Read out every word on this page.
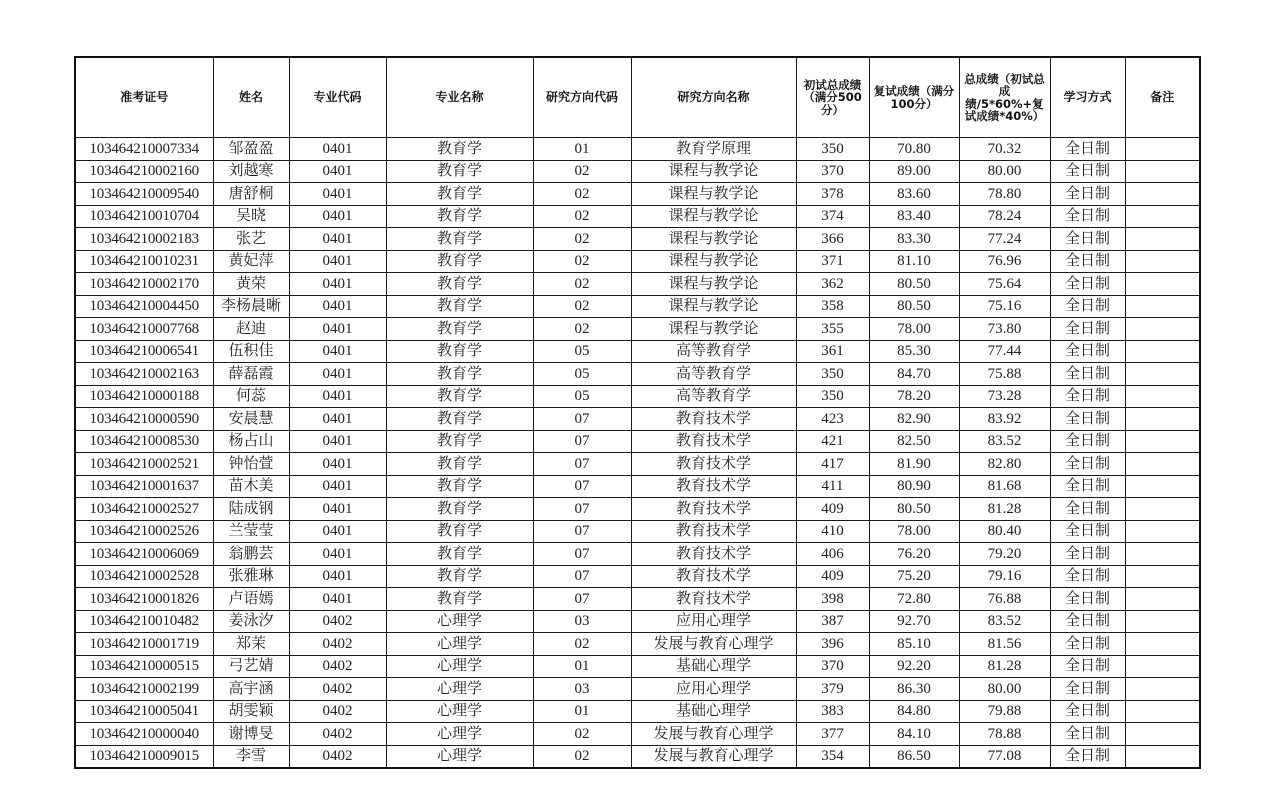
准考证号	姓名	专业代码	专业名称	研究方向代码	研究方向名称	初试总成绩（满分500分）	复试成绩（满分100分）	总成绩（初试总成绩/5*60%+复试成绩*40%）	学习方式	备注
103464210007334	邹盈盈	0401	教育学	01	教育学原理	350	70.80	70.32	全日制	
103464210002160	刘越寒	0401	教育学	02	课程与教学论	370	89.00	80.00	全日制	
103464210009540	唐舒桐	0401	教育学	02	课程与教学论	378	83.60	78.80	全日制	
103464210010704	吴晓	0401	教育学	02	课程与教学论	374	83.40	78.24	全日制	
103464210002183	张艺	0401	教育学	02	课程与教学论	366	83.30	77.24	全日制	
103464210010231	黄妃萍	0401	教育学	02	课程与教学论	371	81.10	76.96	全日制	
103464210002170	黄荣	0401	教育学	02	课程与教学论	362	80.50	75.64	全日制	
103464210004450	李杨晨晰	0401	教育学	02	课程与教学论	358	80.50	75.16	全日制	
103464210007768	赵迪	0401	教育学	02	课程与教学论	355	78.00	73.80	全日制	
103464210006541	伍积佳	0401	教育学	05	高等教育学	361	85.30	77.44	全日制	
103464210002163	薛磊霞	0401	教育学	05	高等教育学	350	84.70	75.88	全日制	
103464210000188	何蕊	0401	教育学	05	高等教育学	350	78.20	73.28	全日制	
103464210000590	安晨慧	0401	教育学	07	教育技术学	423	82.90	83.92	全日制	
103464210008530	杨占山	0401	教育学	07	教育技术学	421	82.50	83.52	全日制	
103464210002521	钟怡萱	0401	教育学	07	教育技术学	417	81.90	82.80	全日制	
103464210001637	苗木美	0401	教育学	07	教育技术学	411	80.90	81.68	全日制	
103464210002527	陆成钢	0401	教育学	07	教育技术学	409	80.50	81.28	全日制	
103464210002526	兰莹莹	0401	教育学	07	教育技术学	410	78.00	80.40	全日制	
103464210006069	翁鹏芸	0401	教育学	07	教育技术学	406	76.20	79.20	全日制	
103464210002528	张雅琳	0401	教育学	07	教育技术学	409	75.20	79.16	全日制	
103464210001826	卢语嫣	0401	教育学	07	教育技术学	398	72.80	76.88	全日制	
103464210010482	姜泳汐	0402	心理学	03	应用心理学	387	92.70	83.52	全日制	
103464210001719	郑茉	0402	心理学	02	发展与教育心理学	396	85.10	81.56	全日制	
103464210000515	弓艺婧	0402	心理学	01	基础心理学	370	92.20	81.28	全日制	
103464210002199	高宇涵	0402	心理学	03	应用心理学	379	86.30	80.00	全日制	
103464210005041	胡雯颖	0402	心理学	01	基础心理学	383	84.80	79.88	全日制	
103464210000040	谢博旻	0402	心理学	02	发展与教育心理学	377	84.10	78.88	全日制	
103464210009015	李雪	0402	心理学	02	发展与教育心理学	354	86.50	77.08	全日制	
